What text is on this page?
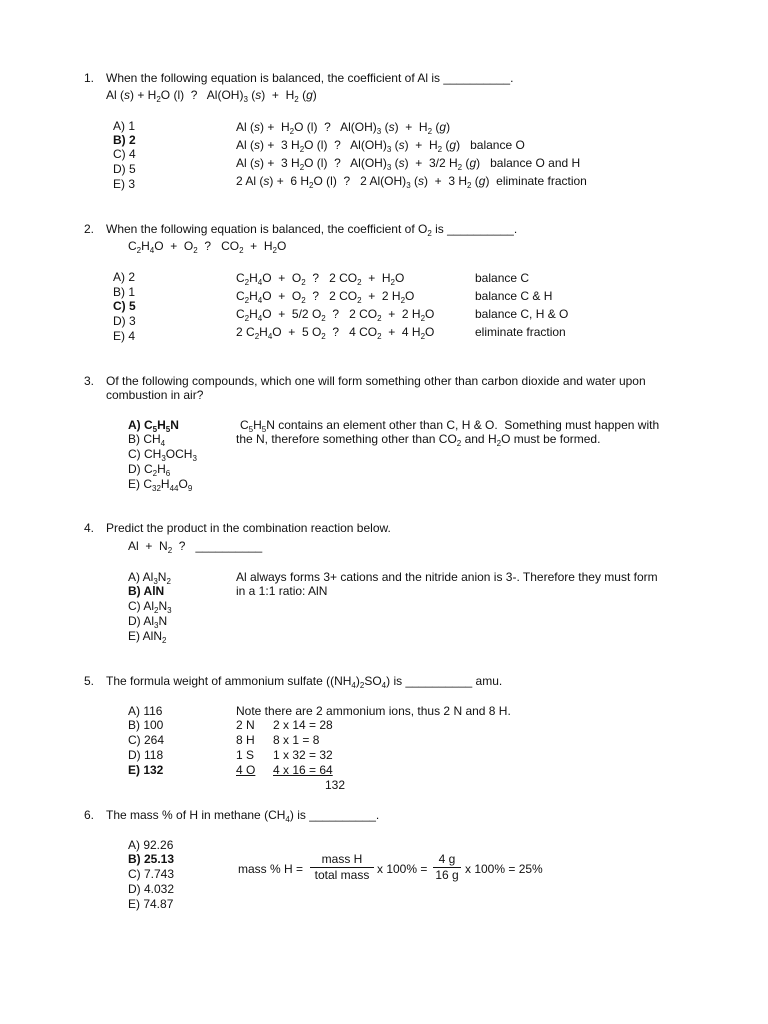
1. When the following equation is balanced, the coefficient of Al is __________.
Al $(s) + H_2O$ (l)  ?   $Al(OH)_3$ $(s) + H_2$ (g)
A) 1
B) 2
C) 4
D) 5
E) 3
Al $(s) + H_2O$ (l)  ?   $Al(OH)_3$ $(s) + H_2$ (g)
Al (s) +  3 $H_2O$ (l)  ?   $Al(OH)_3$ $(s) + H_2$ (g)   balance O
Al (s) +  3 $H_2O$ (l)  ?   $Al(OH)_3$ (s)  +  3/2 $H_2$ (g)   balance O and H
2 Al (s) +  6 $H_2O$ (l)  ?   2 $Al(OH)_3$ (s)  +  3 $H_2$ (g)  eliminate fraction
2. When the following equation is balanced, the coefficient of $O_2$ is __________.
$C_2H_4O + O_2$  ?   $CO_2 + H_2O$
A) 2
B) 1
C) 5
D) 3
E) 4
$C_2H_4O + O_2$  ?   2 $CO_2 + H_2O$
$C_2H_4O + O_2$  ?   2 $CO_2 + 2$ $H_2O$
$C_2H_4O + 5/2$ $O_2$  ?   2 $CO_2 + 2$ $H_2O$
2 $C_2H_4O + 5$ $O_2$  ?   4 $CO_2 + 4$ $H_2O$
balance C
balance C & H
balance C, H & O
eliminate fraction
3. Of the following compounds, which one will form something other than carbon dioxide and water upon
combustion in air?
A) $C_5H_5N$
B) $CH_4$
C) $CH_3OCH_3$
D) $C_2H_6$
E) $C_{32}H_{44}O_9$
$C_5H_5N$ contains an element other than C, H & O.  Something must happen with
the N, therefore something other than $CO_2$ and $H_2O$ must be formed.
4. Predict the product in the combination reaction below.
$Al + N_2$  ?   __________
A) $Al_3N_2$
B) AlN
C) $Al_2N_3$
D) $Al_3N$
E) AlN$_2$
Al always forms 3+ cations and the nitride anion is 3-. Therefore they must form
in a 1:1 ratio: AlN
5. The formula weight of ammonium sulfate $((NH_4)_2SO_4)$ is __________ amu.
A) 116
B) 100
C) 264
D) 118
E) 132
Note there are 2 ammonium ions, thus 2 N and 8 H.
2 N 2 x 14 = 28
8 H 8 x 1 = 8
1 S 1 x 32 = 32
4 O 4 x 16 = 64
132
6. The mass % of H in methane $(CH_4)$ is __________.
A) 92.26
B) 25.13
C) 7.743
D) 4.032
E) 74.87
mass % H =
mass H
total mass x 100% =
4 g
16 g x 100% = 25%
